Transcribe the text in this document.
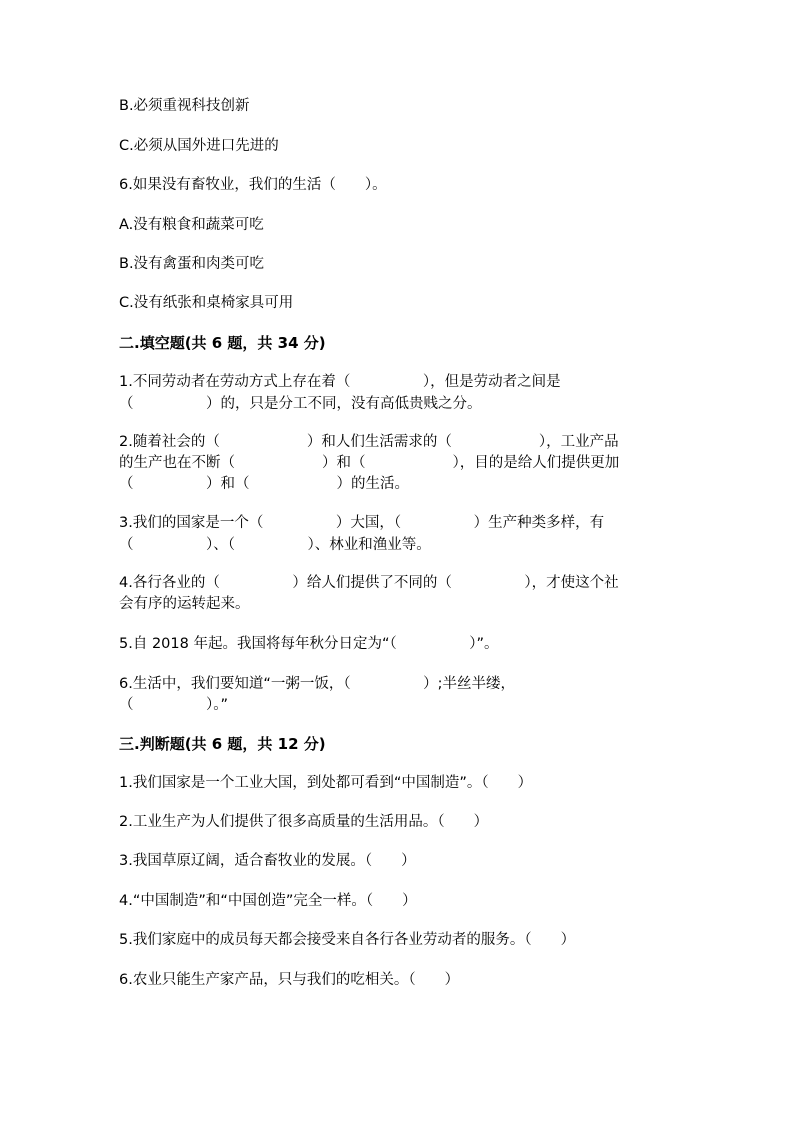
B.必须重视科技创新
C.必须从国外进口先进的
6.如果没有畜牧业，我们的生活（　　）。
A.没有粮食和蔬菜可吃
B.没有禽蛋和肉类可吃
C.没有纸张和桌椅家具可用
二.填空题(共 6 题，共 34 分)
1.不同劳动者在劳动方式上存在着（　　　　　），但是劳动者之间是
（　　　　　）的，只是分工不同，没有高低贵贱之分。
2.随着社会的（　　　　　　）和人们生活需求的（　　　　　　），工业产品
的生产也在不断（　　　　　　）和（　　　　　　），目的是给人们提供更加
（　　　　　）和（　　　　　　）的生活。
3.我们的国家是一个（　　　　　）大国，（　　　　　）生产种类多样，有
（　　　　　）、（　　　　　）、林业和渔业等。
4.各行各业的（　　　　　）给人们提供了不同的（　　　　　），才使这个社
会有序的运转起来。
5.自 2018 年起。我国将每年秋分日定为“（　　　　　）”。
6.生活中，我们要知道“一粥一饭，（　　　　　）;半丝半缕，
（　　　　　）。”
三.判断题(共 6 题，共 12 分)
1.我们国家是一个工业大国，到处都可看到“中国制造”。（　　）
2.工业生产为人们提供了很多高质量的生活用品。（　　）
3.我国草原辽阔，适合畜牧业的发展。（　　）
4.“中国制造”和“中国创造”完全一样。（　　）
5.我们家庭中的成员每天都会接受来自各行各业劳动者的服务。（　　）
6.农业只能生产家产品，只与我们的吃相关。（　　）
